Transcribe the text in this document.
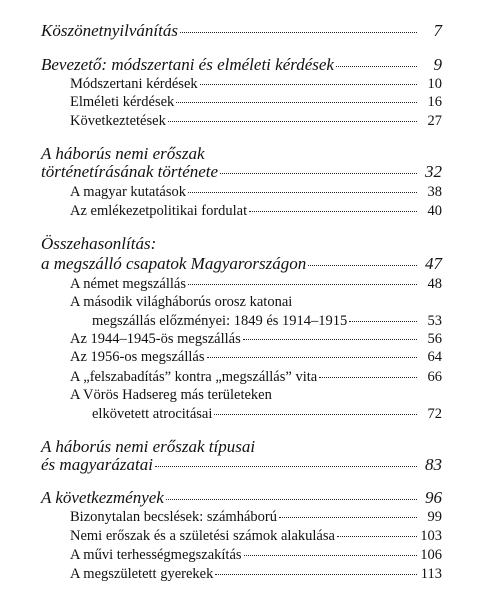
Köszönetnyilvánítás	7
Bevezető: módszertani és elméleti kérdések	9
Módszertani kérdések	10
Elméleti kérdések	16
Következtetések	27
A háborús nemi erőszak
történetírásának története	32
A magyar kutatások	38
Az emlékezetpolitikai fordulat	40
Összehasonlítás:
a megszálló csapatok Magyarországon	47
A német megszállás	48
A második világháborús orosz katonai
megszállás előzményei: 1849 és 1914–1915	53
Az 1944–1945-ös megszállás	56
Az 1956-os megszállás	64
A „felszabadítás” kontra „megszállás” vita	66
A Vörös Hadsereg más területeken
elkövetett atrocitásai	72
A háborús nemi erőszak típusai
és magyarázatai	83
A következmények	96
Bizonytalan becslések: számháború	99
Nemi erőszak és a születési számok alakulása	103
A művi terhességmegszakítás	106
A megszületett gyerekek	113
